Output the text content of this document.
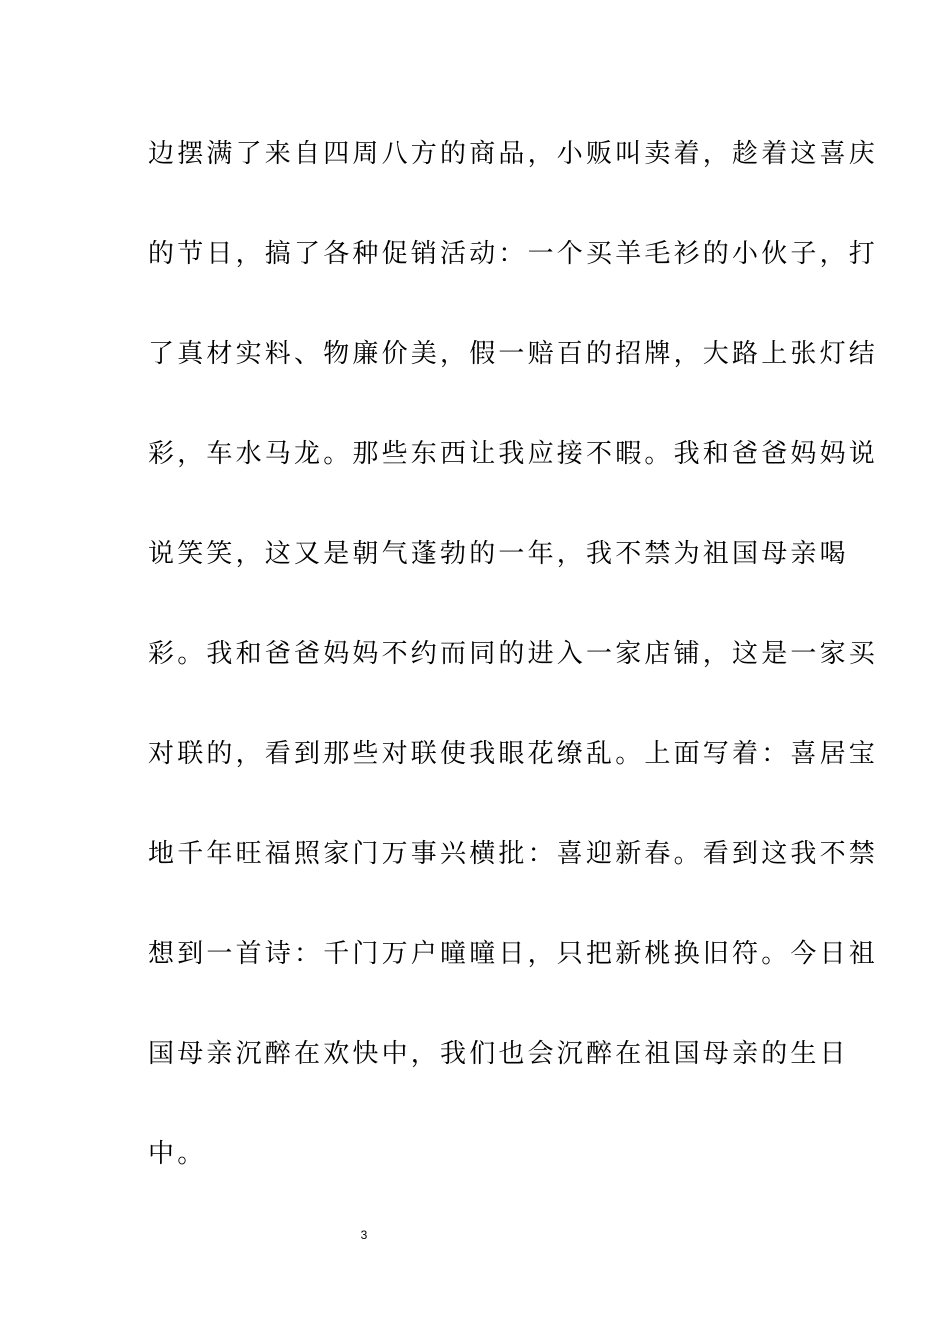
边摆满了来自四周八方的商品，小贩叫卖着，趁着这喜庆
的节日，搞了各种促销活动：一个买羊毛衫的小伙子，打
了真材实料、物廉价美，假一赔百的招牌，大路上张灯结
彩，车水马龙。那些东西让我应接不暇。我和爸爸妈妈说
说笑笑，这又是朝气蓬勃的一年，我不禁为祖国母亲喝
彩。我和爸爸妈妈不约而同的进入一家店铺，这是一家买
对联的，看到那些对联使我眼花缭乱。上面写着：喜居宝
地千年旺福照家门万事兴横批：喜迎新春。看到这我不禁
想到一首诗：千门万户曈曈日，只把新桃换旧符。今日祖
国母亲沉醉在欢快中，我们也会沉醉在祖国母亲的生日
中。
3
